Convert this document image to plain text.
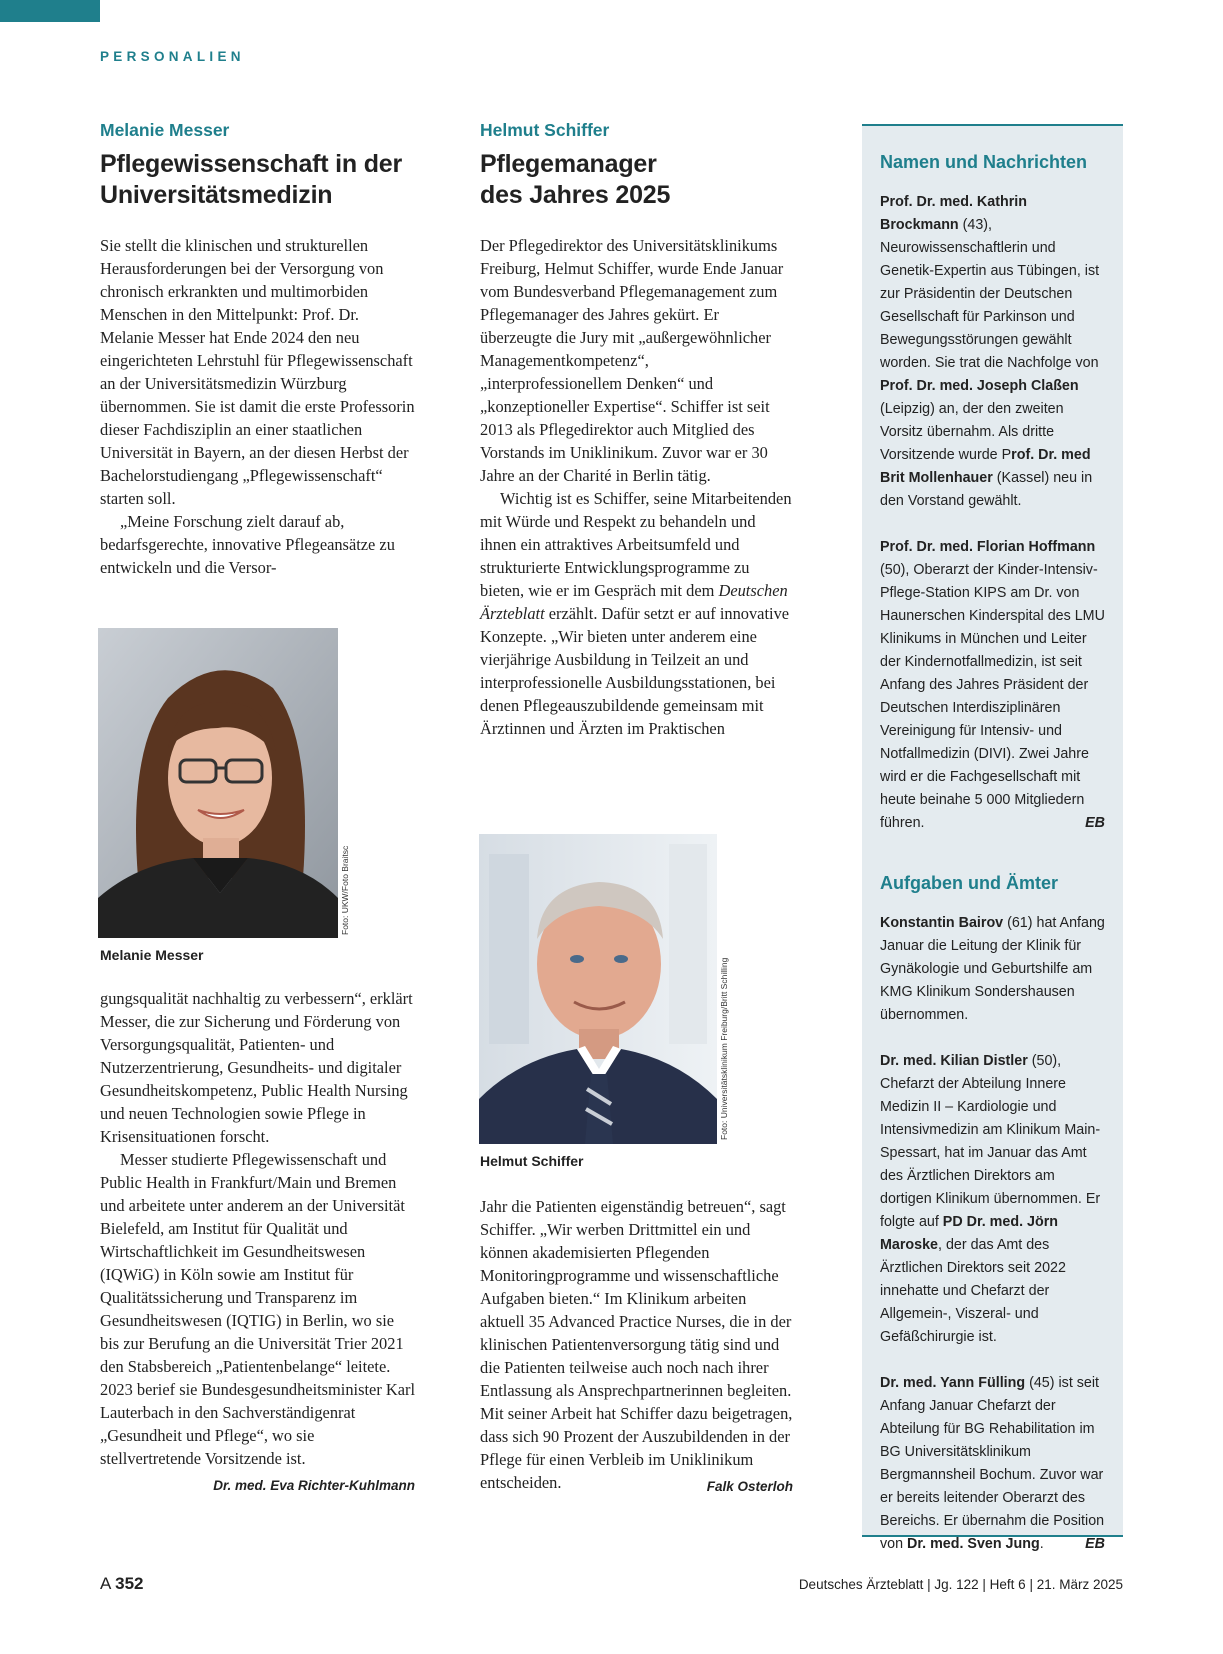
PERSONALIEN
Melanie Messer
Pflegewissenschaft in der
Universitätsmedizin

Sie stellt die klinischen und strukturellen Herausforderungen bei der Versorgung von chronisch erkrankten und multimorbiden Menschen in den Mittelpunkt: Prof. Dr. Melanie Messer hat Ende 2024 den neu eingerichteten Lehrstuhl für Pflegewissenschaft an der Universitätsmedizin Würzburg übernommen. Sie ist damit die erste Professorin dieser Fachdisziplin an einer staatlichen Universität in Bayern, an der diesen Herbst der Bachelorstudiengang „Pflegewissenschaft“ starten soll.

„Meine Forschung zielt darauf ab, bedarfsgerechte, innovative Pflegeansätze zu entwickeln und die Versor-

Foto: UKW/Foto Braitsc
Melanie Messer

gungsqualität nachhaltig zu verbessern“, erklärt Messer, die zur Sicherung und Förderung von Versorgungsqualität, Patienten- und Nutzerzentrierung, Gesundheits- und digitaler Gesundheitskompetenz, Public Health Nursing und neuen Technologien sowie Pflege in Krisensituationen forscht.

Messer studierte Pflegewissenschaft und Public Health in Frankfurt/Main und Bremen und arbeitete unter anderem an der Universität Bielefeld, am Institut für Qualität und Wirtschaftlichkeit im Gesundheitswesen (IQWiG) in Köln sowie am Institut für Qualitätssicherung und Transparenz im Gesundheitswesen (IQTIG) in Berlin, wo sie bis zur Berufung an die Universität Trier 2021 den Stabsbereich „Patientenbelange“ leitete. 2023 berief sie Bundesgesundheitsminister Karl Lauterbach in den Sachverständigenrat „Gesundheit und Pflege“, wo sie stellvertretende Vorsitzende ist.
Dr. med. Eva Richter-Kuhlmann

Helmut Schiffer
Pflegemanager
des Jahres 2025

Der Pflegedirektor des Universitätsklinikums Freiburg, Helmut Schiffer, wurde Ende Januar vom Bundesverband Pflegemanagement zum Pflegemanager des Jahres gekürt. Er überzeugte die Jury mit „außergewöhnlicher Managementkompetenz“, „interprofessionellem Denken“ und „konzeptioneller Expertise“. Schiffer ist seit 2013 als Pflegedirektor auch Mitglied des Vorstands im Uniklinikum. Zuvor war er 30 Jahre an der Charité in Berlin tätig.

Wichtig ist es Schiffer, seine Mitarbeitenden mit Würde und Respekt zu behandeln und ihnen ein attraktives Arbeitsumfeld und strukturierte Entwicklungsprogramme zu bieten, wie er im Gespräch mit dem Deutschen Ärzteblatt erzählt. Dafür setzt er auf innovative Konzepte. „Wir bieten unter anderem eine vierjährige Ausbildung in Teilzeit an und interprofessionelle Ausbildungsstationen, bei denen Pflegeauszubildende gemeinsam mit Ärztinnen und Ärzten im Praktischen

Foto: Universitätsklinikum Freiburg/Britt Schilling
Helmut Schiffer

Jahr die Patienten eigenständig betreuen“, sagt Schiffer. „Wir werben Drittmittel ein und können akademisierten Pflegenden Monitoringprogramme und wissenschaftliche Aufgaben bieten.“ Im Klinikum arbeiten aktuell 35 Advanced Practice Nurses, die in der klinischen Patientenversorgung tätig sind und die Patienten teilweise auch noch nach ihrer Entlassung als Ansprechpartnerinnen begleiten. Mit seiner Arbeit hat Schiffer dazu beigetragen, dass sich 90 Prozent der Auszubildenden in der Pflege für einen Verbleib im Uniklinikum entscheiden.	Falk Osterloh

Namen und Nachrichten
Prof. Dr. med. Kathrin Brockmann (43), Neurowissenschaftlerin und Genetik-Expertin aus Tübingen, ist zur Präsidentin der Deutschen Gesellschaft für Parkinson und Bewegungsstörungen gewählt worden. Sie trat die Nachfolge von Prof. Dr. med. Joseph Claßen (Leipzig) an, der den zweiten Vorsitz übernahm. Als dritte Vorsitzende wurde Prof. Dr. med Brit Mollenhauer (Kassel) neu in den Vorstand gewählt.
Prof. Dr. med. Florian Hoffmann (50), Oberarzt der Kinder-Intensiv-Pflege-Station KIPS am Dr. von Haunerschen Kinderspital des LMU Klinikums in München und Leiter der Kindernotfallmedizin, ist seit Anfang des Jahres Präsident der Deutschen Interdisziplinären Vereinigung für Intensiv- und Notfallmedizin (DIVI). Zwei Jahre wird er die Fachgesellschaft mit heute beinahe 5 000 Mitgliedern führen.	EB
Aufgaben und Ämter
Konstantin Bairov (61) hat Anfang Januar die Leitung der Klinik für Gynäkologie und Geburtshilfe am KMG Klinikum Sondershausen übernommen.
Dr. med. Kilian Distler (50), Chefarzt der Abteilung Innere Medizin II – Kardiologie und Intensivmedizin am Klinikum Main-Spessart, hat im Januar das Amt des Ärztlichen Direktors am dortigen Klinikum übernommen. Er folgte auf PD Dr. med. Jörn Maroske, der das Amt des Ärztlichen Direktors seit 2022 innehatte und Chefarzt der Allgemein-, Viszeral- und Gefäßchirurgie ist.
Dr. med. Yann Fülling (45) ist seit Anfang Januar Chefarzt der Abteilung für BG Rehabilitation im BG Universitätsklinikum Bergmannsheil Bochum. Zuvor war er bereits leitender Oberarzt des Bereichs. Er übernahm die Position von Dr. med. Sven Jung.	EB
A 352	Deutsches Ärzteblatt | Jg. 122 | Heft 6 | 21. März 2025
